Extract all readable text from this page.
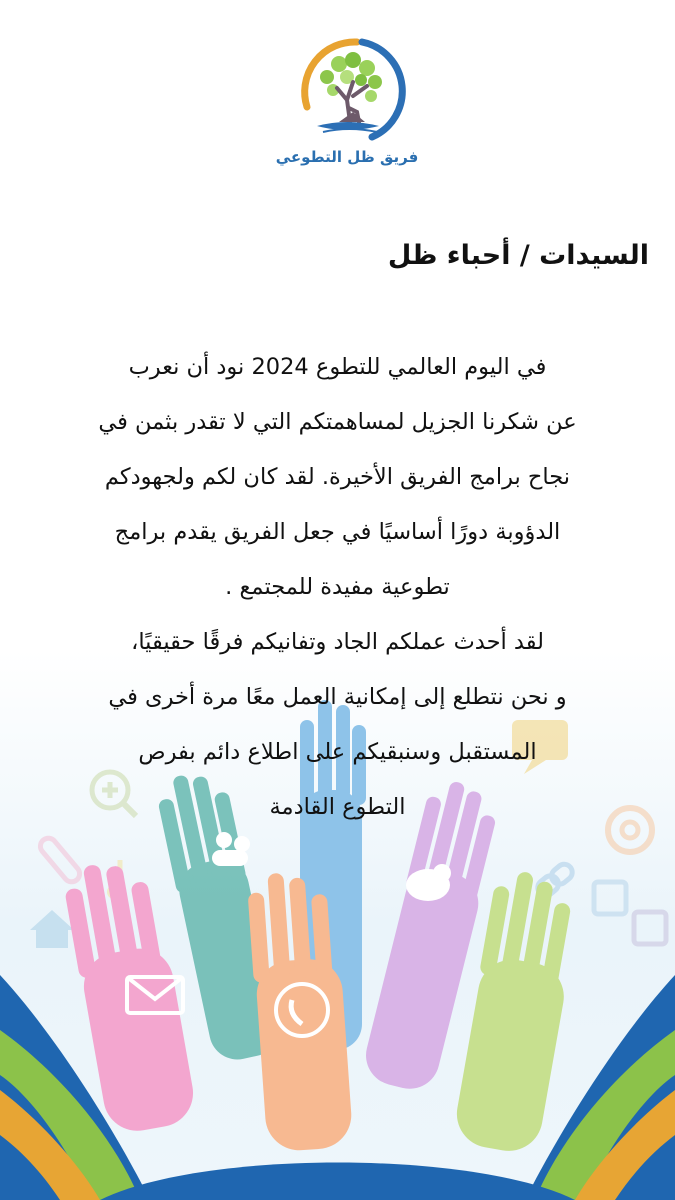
فريق ظل التطوعي
السيدات / أحباء ظل

في اليوم العالمي للتطوع 2024 نود أن نعرب

عن شكرنا الجزيل لمساهمتكم التي لا تقدر بثمن في

نجاح برامج الفريق الأخيرة. لقد كان لكم ولجهودكم

الدؤوبة دورًا أساسيًا في جعل الفريق يقدم برامج

تطوعية مفيدة للمجتمع .

لقد أحدث عملكم الجاد وتفانيكم فرقًا حقيقيًا،

و نحن نتطلع إلى إمكانية العمل معًا مرة أخرى في

المستقبل وسنبقيكم على اطلاع دائم بفرص

التطوع القادمة
